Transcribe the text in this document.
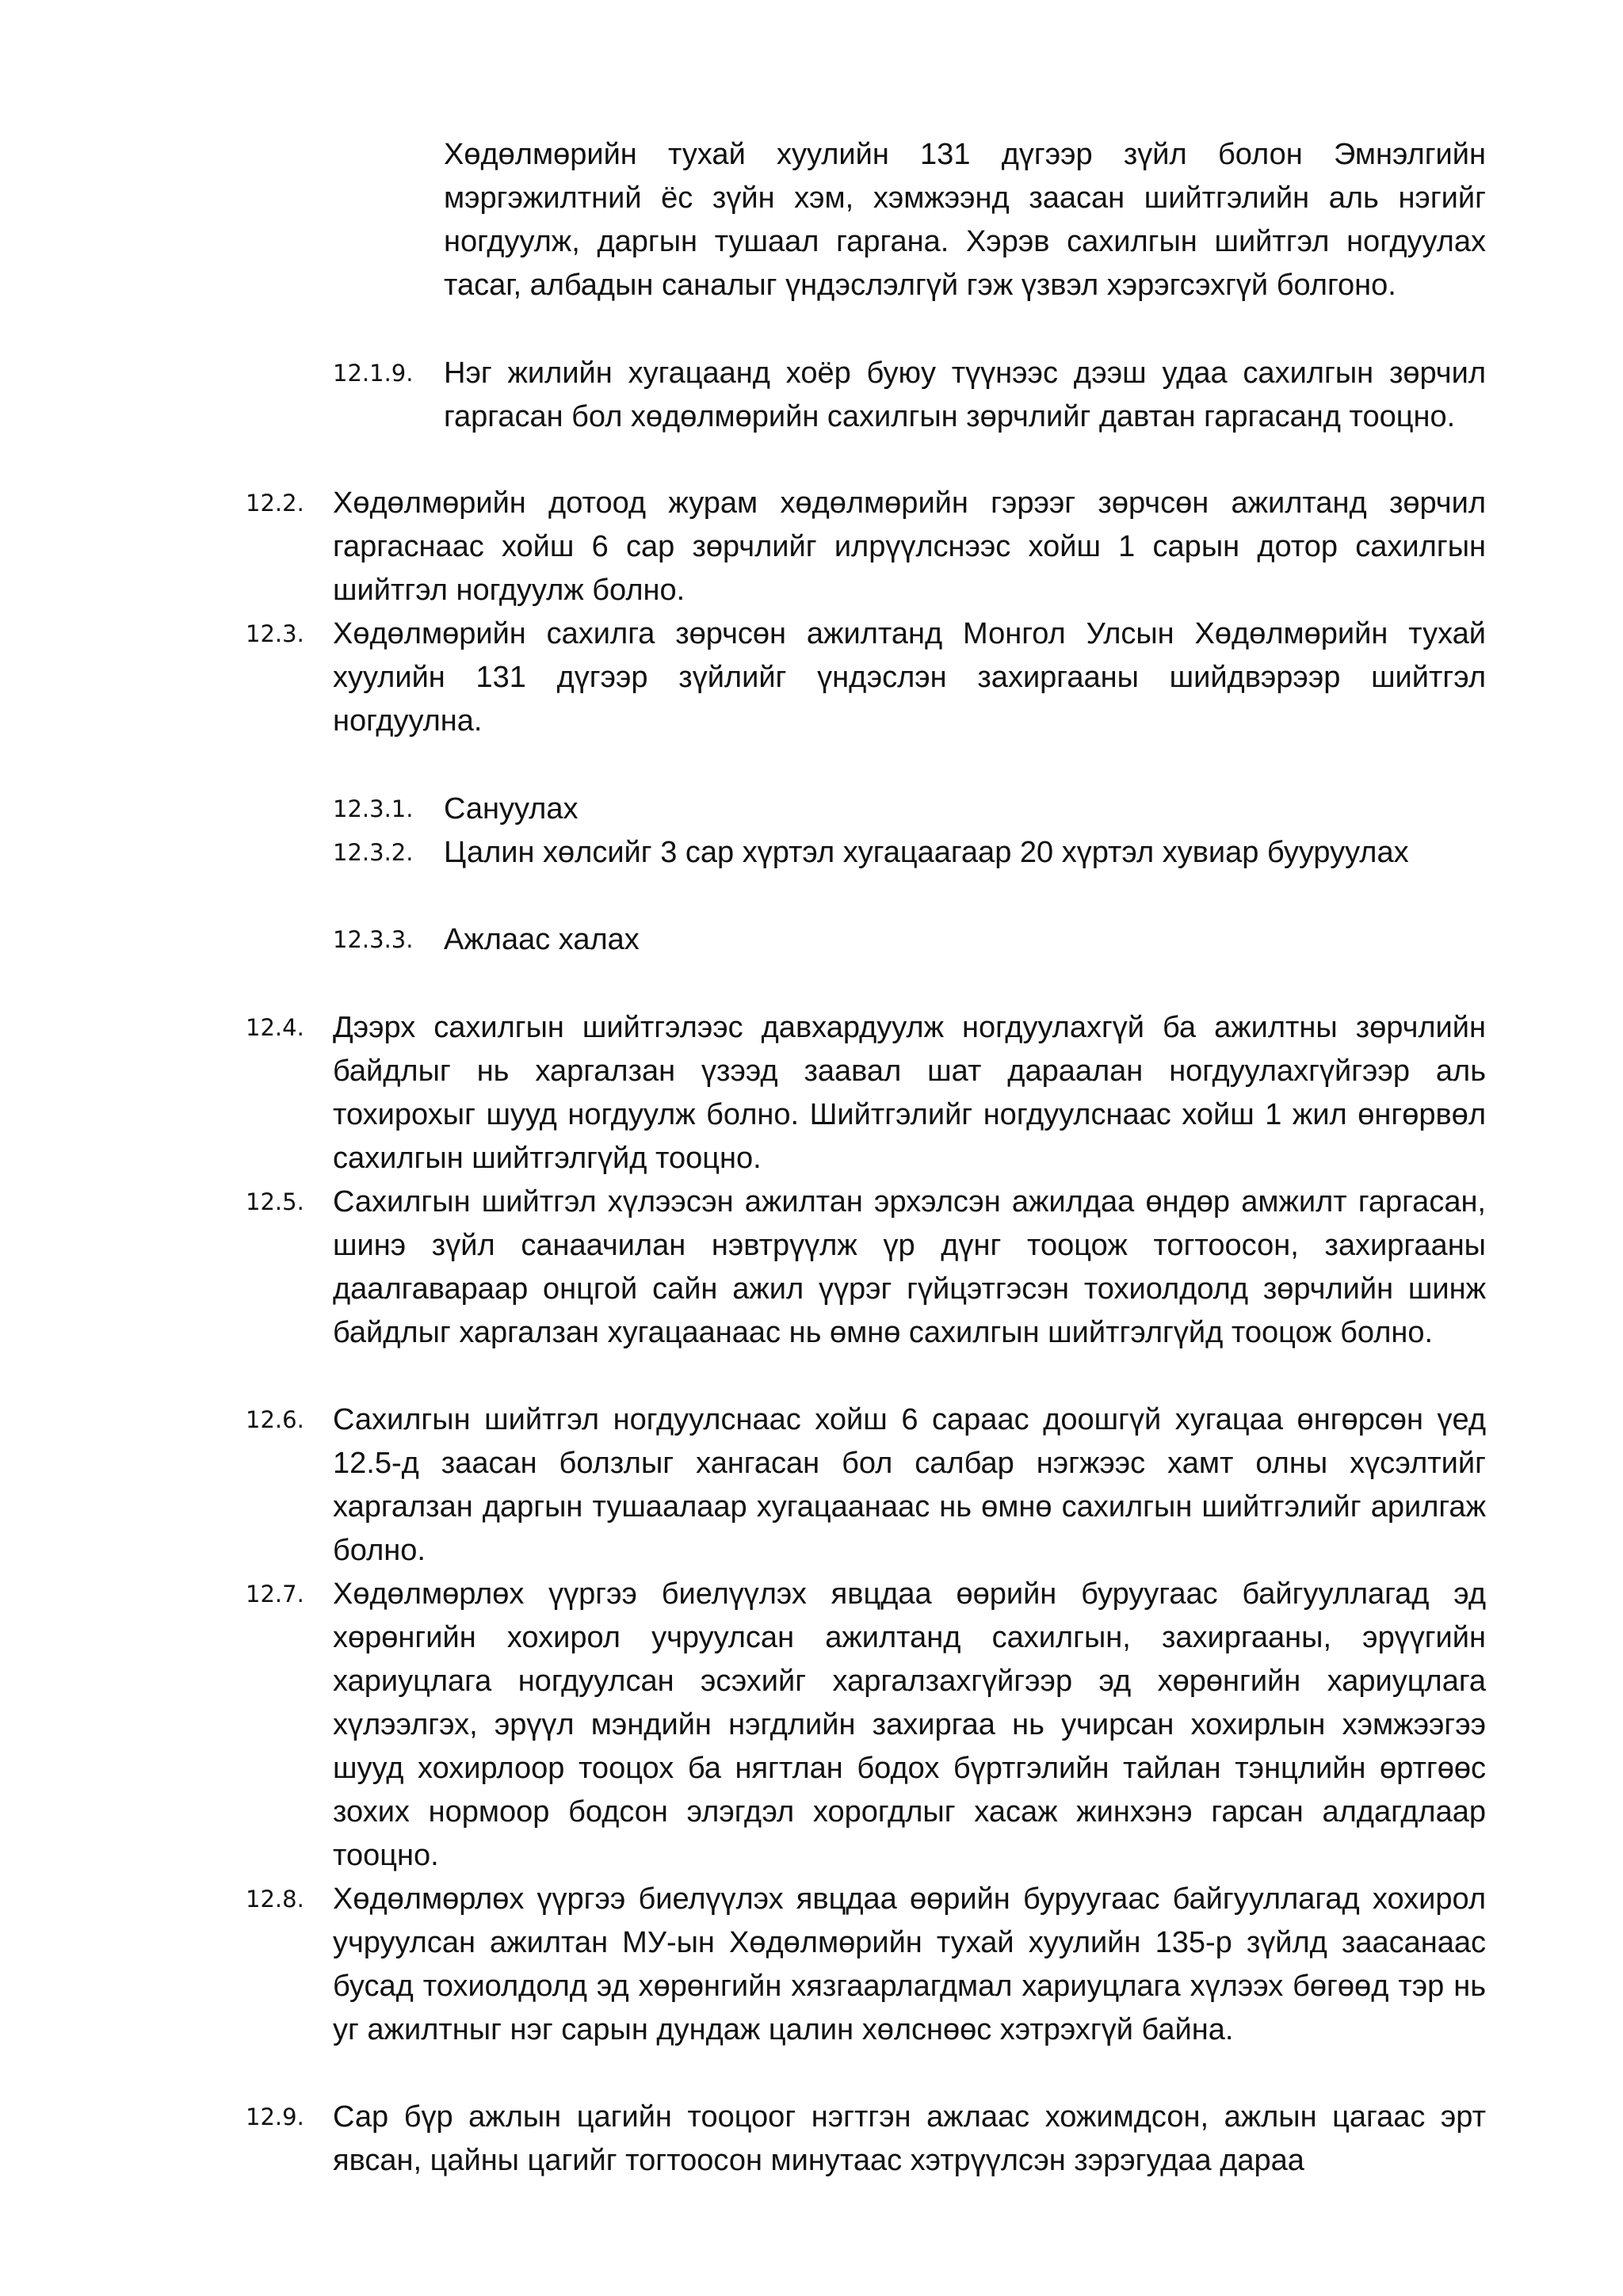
Хөдөлмөрийн тухай хуулийн 131 дүгээр зүйл болон Эмнэлгийн мэргэжилтний ёс зүйн хэм, хэмжээнд заасан шийтгэлийн аль нэгийг ногдуулж, даргын тушаал гаргана. Хэрэв сахилгын шийтгэл ногдуулах тасаг, албадын саналыг үндэслэлгүй гэж үзвэл хэрэгсэхгүй болгоно.
12.1.9. Нэг жилийн хугацаанд хоёр буюу түүнээс дээш удаа сахилгын зөрчил гаргасан бол хөдөлмөрийн сахилгын зөрчлийг давтан гаргасанд тооцно.
12.2. Хөдөлмөрийн дотоод журам хөдөлмөрийн гэрээг зөрчсөн ажилтанд зөрчил гаргаснаас хойш 6 сар зөрчлийг илрүүлснээс хойш 1 сарын дотор сахилгын шийтгэл ногдуулж болно.
12.3. Хөдөлмөрийн сахилга зөрчсөн ажилтанд Монгол Улсын Хөдөлмөрийн тухай хуулийн 131 дүгээр зүйлийг үндэслэн захиргааны шийдвэрээр шийтгэл ногдуулна.
12.3.1. Сануулах
12.3.2. Цалин хөлсийг 3 сар хүртэл хугацаагаар 20 хүртэл хувиар бууруулах
12.3.3. Ажлаас халах
12.4. Дээрх сахилгын шийтгэлээс давхардуулж ногдуулахгүй ба ажилтны зөрчлийн байдлыг нь харгалзан үзээд заавал шат дараалан ногдуулахгүйгээр аль тохирохыг шууд ногдуулж болно. Шийтгэлийг ногдуулснаас хойш 1 жил өнгөрвөл сахилгын шийтгэлгүйд тооцно.
12.5. Сахилгын шийтгэл хүлээсэн ажилтан эрхэлсэн ажилдаа өндөр амжилт гаргасан, шинэ зүйл санаачилан нэвтрүүлж үр дүнг тооцож тогтоосон, захиргааны даалгавараар онцгой сайн ажил үүрэг гүйцэтгэсэн тохиолдолд зөрчлийн шинж байдлыг харгалзан хугацаанаас нь өмнө сахилгын шийтгэлгүйд тооцож болно.
12.6. Сахилгын шийтгэл ногдуулснаас хойш 6 сараас доошгүй хугацаа өнгөрсөн үед 12.5-д заасан болзлыг хангасан бол салбар нэгжээс хамт олны хүсэлтийг харгалзан даргын тушаалаар хугацаанаас нь өмнө сахилгын шийтгэлийг арилгаж болно.
12.7. Хөдөлмөрлөх үүргээ биелүүлэх явцдаа өөрийн буруугаас байгууллагад эд хөрөнгийн хохирол учруулсан ажилтанд сахилгын, захиргааны, эрүүгийн хариуцлага ногдуулсан эсэхийг харгалзахгүйгээр эд хөрөнгийн хариуцлага хүлээлгэх, эрүүл мэндийн нэгдлийн захиргаа нь учирсан хохирлын хэмжээгээ шууд хохирлоор тооцох ба нягтлан бодох бүртгэлийн тайлан тэнцлийн өртгөөс зохих нормоор бодсон элэгдэл хорогдлыг хасаж жинхэнэ гарсан алдагдлаар тооцно.
12.8. Хөдөлмөрлөх үүргээ биелүүлэх явцдаа өөрийн буруугаас байгууллагад хохирол учруулсан ажилтан МУ-ын Хөдөлмөрийн тухай хуулийн 135-р зүйлд заасанаас бусад тохиолдолд эд хөрөнгийн хязгаарлагдмал хариуцлага хүлээх бөгөөд тэр нь уг ажилтныг нэг сарын дундаж цалин хөлснөөс хэтрэхгүй байна.
12.9. Сар бүр ажлын цагийн тооцоог нэгтгэн ажлаас хожимдсон, ажлын цагаас эрт явсан, цайны цагийг тогтоосон минутаас хэтрүүлсэн зэрэгудаа дараа
